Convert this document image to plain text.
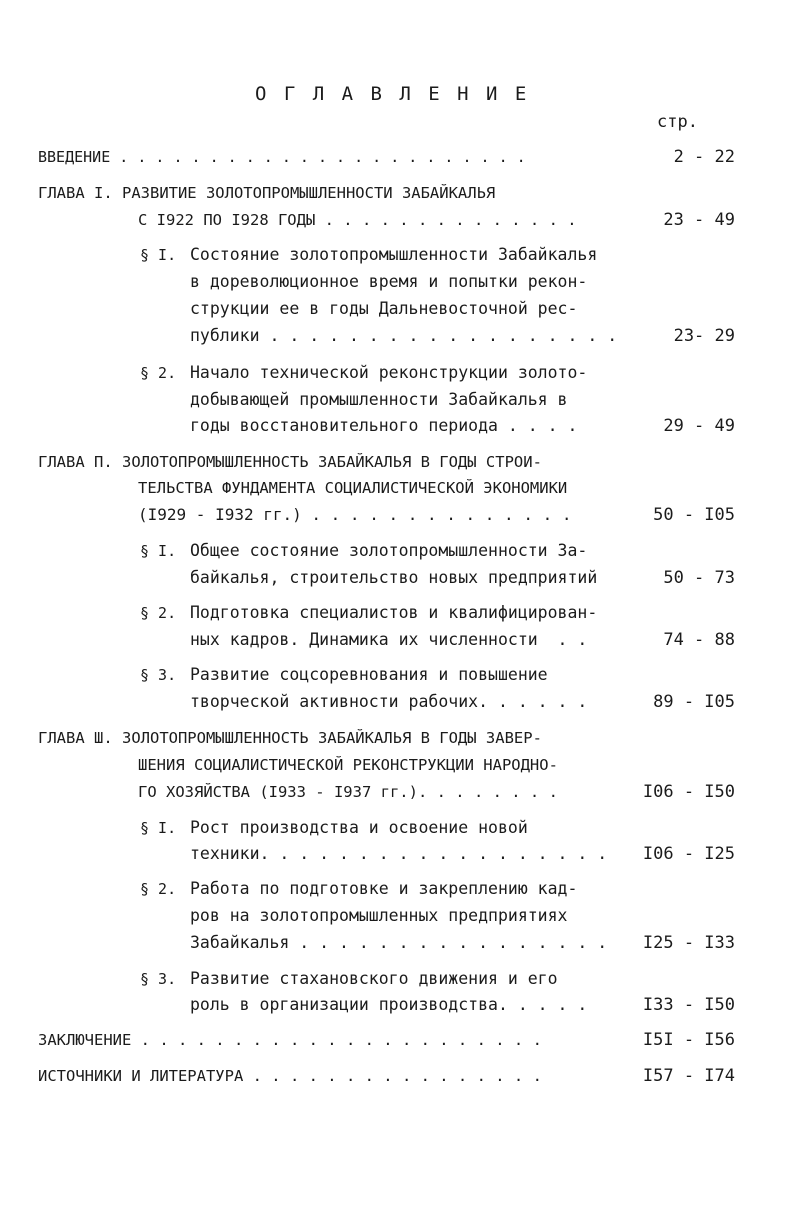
О Г Л А В Л Е Н И Е
стр.
ВВЕДЕНИЕ . . . . . . . . . . . . . . . . . . . . . . .	2 - 22
ГЛАВА I. РАЗВИТИЕ ЗОЛОТОПРОМЫШЛЕННОСТИ ЗАБАЙКАЛЬЯ
С I922 ПО I928 ГОДЫ . . . . . . . . . . . . . .	23 - 49
§ I. Состояние золотопромышленности Забайкалья
в дореволюционное время и попытки рекон-
струкции ее в годы Дальневосточной рес-
публики . . . . . . . . . . . . . . . . . .	23- 29
§ 2. Начало технической реконструкции золото-
добывающей промышленности Забайкалья в
годы восстановительного периода . . . .	29 - 49
ГЛАВА П. ЗОЛОТОПРОМЫШЛЕННОСТЬ ЗАБАЙКАЛЬЯ В ГОДЫ СТРОИ-
ТЕЛЬСТВА ФУНДАМЕНТА СОЦИАЛИСТИЧЕСКОЙ ЭКОНОМИКИ
(I929 - I932 гг.) . . . . . . . . . . . . . .	50 - I05
§ I. Общее состояние золотопромышленности За-
байкалья, строительство новых предприятий	50 - 73
§ 2. Подготовка специалистов и квалифицирован-
ных кадров. Динамика их численности  . .	74 - 88
§ 3. Развитие соцсоревнования и повышение
творческой активности рабочих. . . . . .	89 - I05
ГЛАВА Ш. ЗОЛОТОПРОМЫШЛЕННОСТЬ ЗАБАЙКАЛЬЯ В ГОДЫ ЗАВЕР-
ШЕНИЯ СОЦИАЛИСТИЧЕСКОЙ РЕКОНСТРУКЦИИ НАРОДНО-
ГО ХОЗЯЙСТВА (I933 - I937 гг.). . . . . . . .	I06 - I50
§ I. Рост производства и освоение новой
техники. . . . . . . . . . . . . . . . . .	I06 - I25
§ 2. Работа по подготовке и закреплению кад-
ров на золотопромышленных предприятиях
Забайкалья . . . . . . . . . . . . . . . .	I25 - I33
§ 3. Развитие стахановского движения и его
роль в организации производства. . . . .	I33 - I50
ЗАКЛЮЧЕНИЕ . . . . . . . . . . . . . . . . . . . . . .	I5I - I56
ИСТОЧНИКИ И ЛИТЕРАТУРА . . . . . . . . . . . . . . . .	I57 - I74
